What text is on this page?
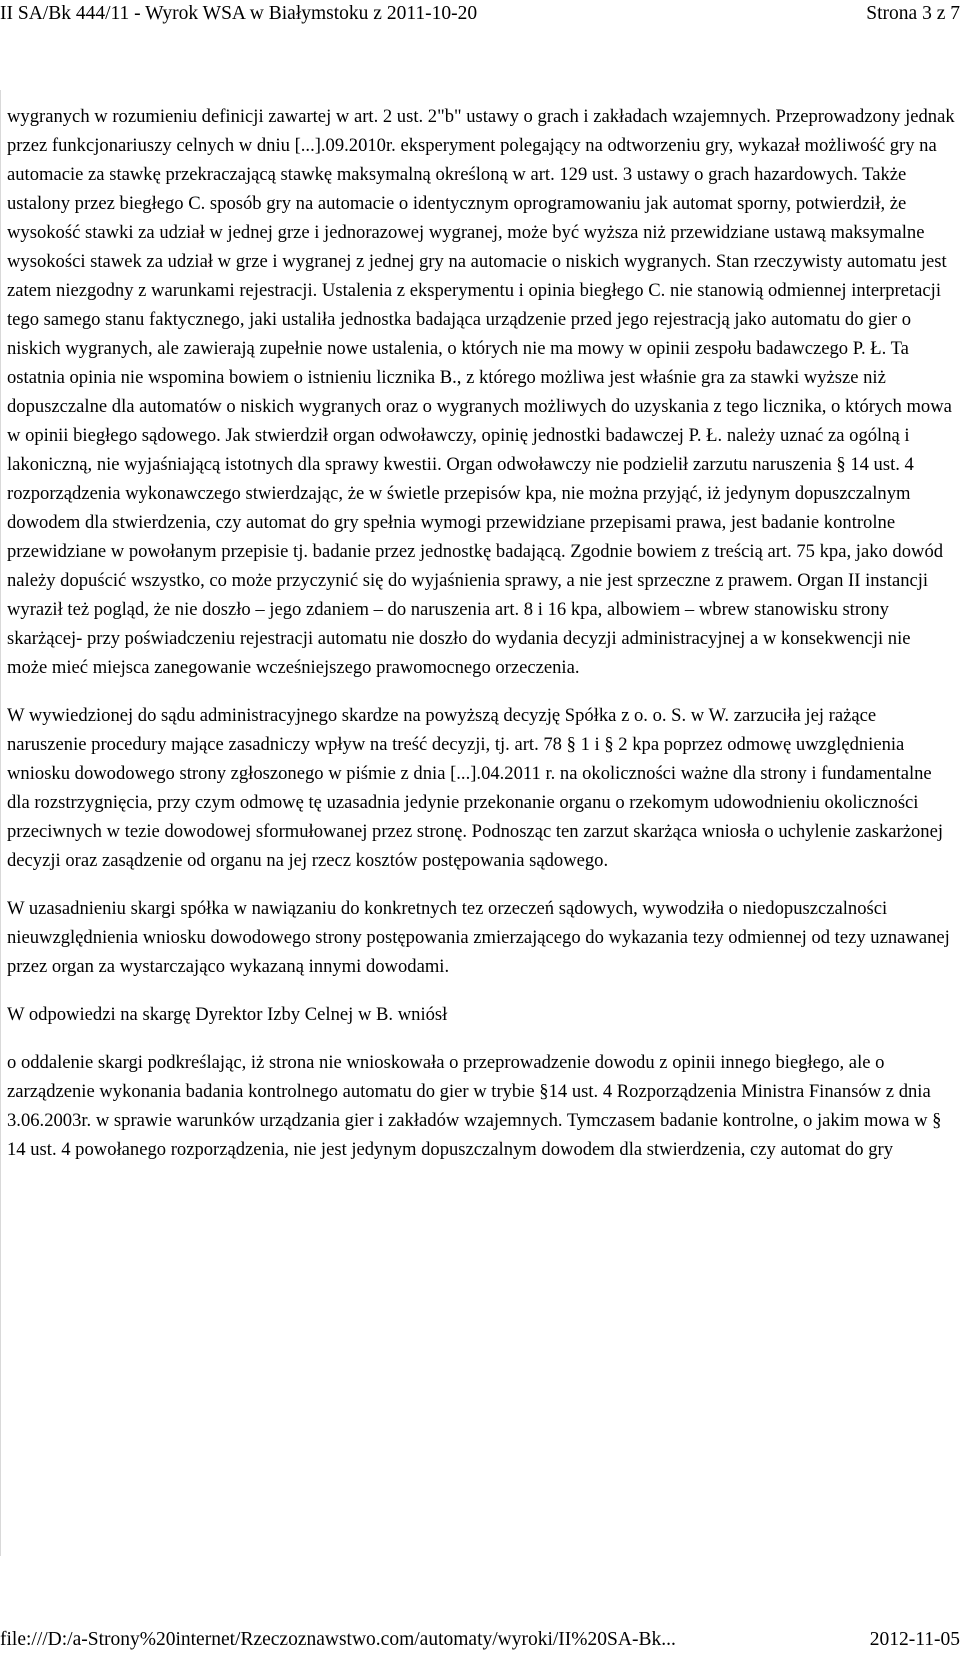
II SA/Bk 444/11 - Wyrok WSA w Białymstoku z 2011-10-20	Strona 3 z 7

wygranych w rozumieniu definicji zawartej w art. 2 ust. 2"b" ustawy o grach i zakładach wzajemnych. Przeprowadzony jednak przez funkcjonariuszy celnych w dniu [...].09.2010r. eksperyment polegający na odtworzeniu gry, wykazał możliwość gry na automacie za stawkę przekraczającą stawkę maksymalną określoną w art. 129 ust. 3 ustawy o grach hazardowych. Także ustalony przez biegłego C. sposób gry na automacie o identycznym oprogramowaniu jak automat sporny, potwierdził, że wysokość stawki za udział w jednej grze i jednorazowej wygranej, może być wyższa niż przewidziane ustawą maksymalne wysokości stawek za udział w grze i wygranej z jednej gry na automacie o niskich wygranych. Stan rzeczywisty automatu jest zatem niezgodny z warunkami rejestracji. Ustalenia z eksperymentu i opinia biegłego C. nie stanowią odmiennej interpretacji tego samego stanu faktycznego, jaki ustaliła jednostka badająca urządzenie przed jego rejestracją jako automatu do gier o niskich wygranych, ale zawierają zupełnie nowe ustalenia, o których nie ma mowy w opinii zespołu badawczego P. Ł. Ta ostatnia opinia nie wspomina bowiem o istnieniu licznika B., z którego możliwa jest właśnie gra za stawki wyższe niż dopuszczalne dla automatów o niskich wygranych oraz o wygranych możliwych do uzyskania z tego licznika, o których mowa w opinii biegłego sądowego. Jak stwierdził organ odwoławczy, opinię jednostki badawczej P. Ł. należy uznać za ogólną i lakoniczną, nie wyjaśniającą istotnych dla sprawy kwestii. Organ odwoławczy nie podzielił zarzutu naruszenia § 14 ust. 4 rozporządzenia wykonawczego stwierdzając, że w świetle przepisów kpa, nie można przyjąć, iż jedynym dopuszczalnym dowodem dla stwierdzenia, czy automat do gry spełnia wymogi przewidziane przepisami prawa, jest badanie kontrolne przewidziane w powołanym przepisie tj. badanie przez jednostkę badającą. Zgodnie bowiem z treścią art. 75 kpa, jako dowód należy dopuścić wszystko, co może przyczynić się do wyjaśnienia sprawy, a nie jest sprzeczne z prawem. Organ II instancji wyraził też pogląd, że nie doszło – jego zdaniem – do naruszenia art. 8 i 16 kpa, albowiem – wbrew stanowisku strony skarżącej- przy poświadczeniu rejestracji automatu nie doszło do wydania decyzji administracyjnej a w konsekwencji nie może mieć miejsca zanegowanie wcześniejszego prawomocnego orzeczenia.

W wywiedzionej do sądu administracyjnego skardze na powyższą decyzję Spółka z o. o. S. w W. zarzuciła jej rażące naruszenie procedury mające zasadniczy wpływ na treść decyzji, tj. art. 78 § 1 i § 2 kpa poprzez odmowę uwzględnienia wniosku dowodowego strony zgłoszonego w piśmie z dnia [...].04.2011 r. na okoliczności ważne dla strony i fundamentalne dla rozstrzygnięcia, przy czym odmowę tę uzasadnia jedynie przekonanie organu o rzekomym udowodnieniu okoliczności przeciwnych w tezie dowodowej sformułowanej przez stronę. Podnosząc ten zarzut skarżąca wniosła o uchylenie zaskarżonej decyzji oraz zasądzenie od organu na jej rzecz kosztów postępowania sądowego.

W uzasadnieniu skargi spółka w nawiązaniu do konkretnych tez orzeczeń sądowych, wywodziła o niedopuszczalności nieuwzględnienia wniosku dowodowego strony postępowania zmierzającego do wykazania tezy odmiennej od tezy uznawanej przez organ za wystarczająco wykazaną innymi dowodami.

W odpowiedzi na skargę Dyrektor Izby Celnej w B. wniósł

o oddalenie skargi podkreślając, iż strona nie wnioskowała o przeprowadzenie dowodu z opinii innego biegłego, ale o zarządzenie wykonania badania kontrolnego automatu do gier w trybie §14 ust. 4 Rozporządzenia Ministra Finansów z dnia 3.06.2003r. w sprawie warunków urządzania gier i zakładów wzajemnych. Tymczasem badanie kontrolne, o jakim mowa w § 14 ust. 4 powołanego rozporządzenia, nie jest jedynym dopuszczalnym dowodem dla stwierdzenia, czy automat do gry

file:///D:/a-Strony%20internet/Rzeczoznawstwo.com/automaty/wyroki/II%20SA-Bk...	2012-11-05
